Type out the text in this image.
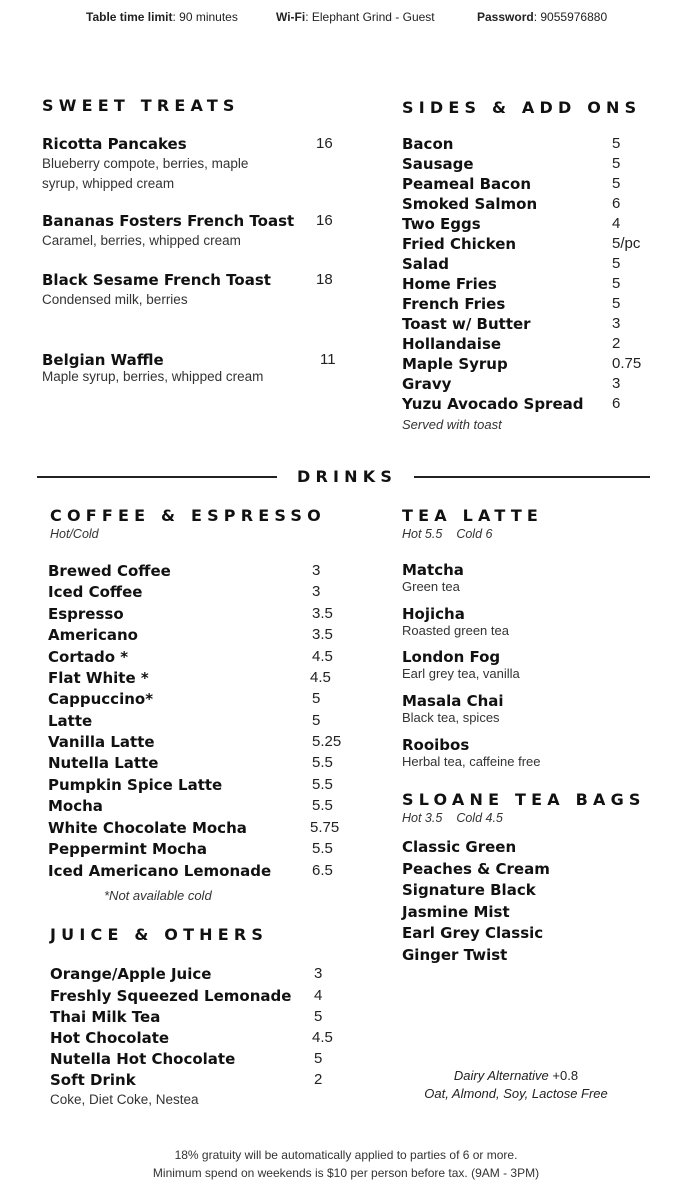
Table time limit: 90 minutes	Wi-Fi: Elephant Grind - Guest	Password: 9055976880
SWEET TREATS
Ricotta Pancakes
Blueberry compote, berries, maple syrup, whipped cream
16
Bananas Fosters French Toast
Caramel, berries, whipped cream
16
Black Sesame French Toast
Condensed milk, berries
18
Belgian Waffle
Maple syrup, berries, whipped cream
11
SIDES & ADD ONS
Bacon	5
Sausage	5
Peameal Bacon	5
Smoked Salmon	6
Two Eggs	4
Fried Chicken	5/pc
Salad	5
Home Fries	5
French Fries	5
Toast w/ Butter	3
Hollandaise	2
Maple Syrup	0.75
Gravy	3
Yuzu Avocado Spread 6
Served with toast
DRINKS
COFFEE & ESPRESSO
Hot/Cold
Brewed Coffee	3
Iced Coffee	3
Espresso	3.5
Americano	3.5
Cortado *	4.5
Flat White *	4.5
Cappuccino*	5
Latte	5
Vanilla Latte	5.25
Nutella Latte	5.5
Pumpkin Spice Latte	5.5
Mocha	5.5
White Chocolate Mocha	5.75
Peppermint Mocha	5.5
Iced Americano Lemonade	6.5
*Not available cold
JUICE & OTHERS
Orange/Apple Juice	3
Freshly Squeezed Lemonade 4
Thai Milk Tea	5
Hot Chocolate	4.5
Nutella Hot Chocolate	5
Soft Drink	2
Coke, Diet Coke, Nestea
TEA LATTE
Hot 5.5 Cold 6
Matcha
Green tea
Hojicha
Roasted green tea
London Fog
Earl grey tea, vanilla
Masala Chai
Black tea, spices
Rooibos
Herbal tea, caffeine free
SLOANE TEA BAGS
Hot 3.5 Cold 4.5
Classic Green
Peaches & Cream
Signature Black
Jasmine Mist
Earl Grey Classic
Ginger Twist
Dairy Alternative +0.8
Oat, Almond, Soy, Lactose Free
18% gratuity will be automatically applied to parties of 6 or more.
Minimum spend on weekends is $10 per person before tax. (9AM - 3PM)
